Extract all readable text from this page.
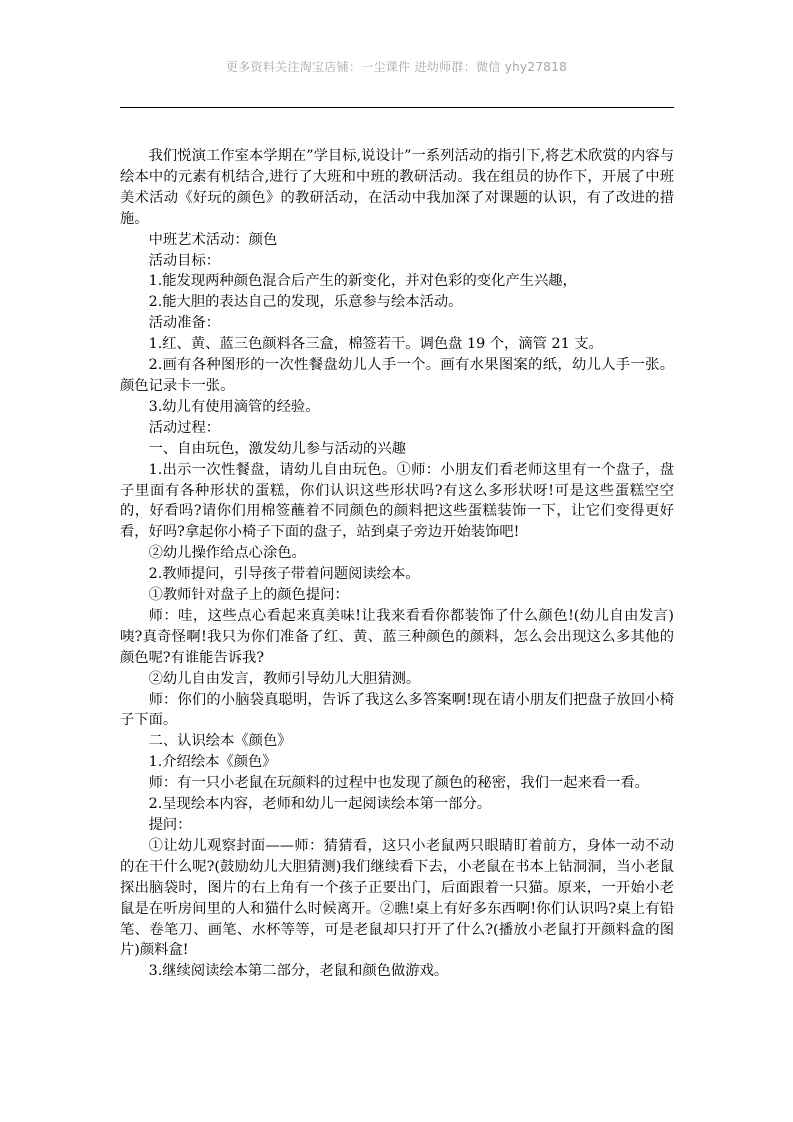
更多资料关注淘宝店铺：一尘课件 进幼师群：微信 yhy27818

我们悦演工作室本学期在”学目标,说设计”一系列活动的指引下,将艺术欣赏的内容与绘本中的元素有机结合,进行了大班和中班的教研活动。我在组员的协作下，开展了中班美术活动《好玩的颜色》的教研活动，在活动中我加深了对课题的认识，有了改进的措施。

中班艺术活动：颜色

活动目标：

1.能发现两种颜色混合后产生的新变化，并对色彩的变化产生兴趣，

2.能大胆的表达自己的发现，乐意参与绘本活动。

活动准备：

1.红、黄、蓝三色颜料各三盒，棉签若干。调色盘 19 个，滴管 21 支。

2.画有各种图形的一次性餐盘幼儿人手一个。画有水果图案的纸，幼儿人手一张。颜色记录卡一张。

3.幼儿有使用滴管的经验。

活动过程：

一、自由玩色，激发幼儿参与活动的兴趣

1.出示一次性餐盘，请幼儿自由玩色。①师：小朋友们看老师这里有一个盘子，盘子里面有各种形状的蛋糕，你们认识这些形状吗?有这么多形状呀!可是这些蛋糕空空的，好看吗?请你们用棉签蘸着不同颜色的颜料把这些蛋糕装饰一下，让它们变得更好看，好吗?拿起你小椅子下面的盘子，站到桌子旁边开始装饰吧!

②幼儿操作给点心涂色。

2.教师提问，引导孩子带着问题阅读绘本。

①教师针对盘子上的颜色提问：

师：哇，这些点心看起来真美味!让我来看看你都装饰了什么颜色!(幼儿自由发言)咦?真奇怪啊!我只为你们准备了红、黄、蓝三种颜色的颜料，怎么会出现这么多其他的颜色呢?有谁能告诉我?

②幼儿自由发言，教师引导幼儿大胆猜测。

师：你们的小脑袋真聪明，告诉了我这么多答案啊!现在请小朋友们把盘子放回小椅子下面。

二、认识绘本《颜色》

1.介绍绘本《颜色》

师：有一只小老鼠在玩颜料的过程中也发现了颜色的秘密，我们一起来看一看。

2.呈现绘本内容，老师和幼儿一起阅读绘本第一部分。

提问：

①让幼儿观察封面——师：猜猜看，这只小老鼠两只眼睛盯着前方，身体一动不动的在干什么呢?(鼓励幼儿大胆猜测)我们继续看下去，小老鼠在书本上钻洞洞，当小老鼠探出脑袋时，图片的右上角有一个孩子正要出门，后面跟着一只猫。原来，一开始小老鼠是在听房间里的人和猫什么时候离开。②瞧!桌上有好多东西啊!你们认识吗?桌上有铅笔、卷笔刀、画笔、水杯等等，可是老鼠却只打开了什么?(播放小老鼠打开颜料盒的图片)颜料盒!

3.继续阅读绘本第二部分，老鼠和颜色做游戏。
